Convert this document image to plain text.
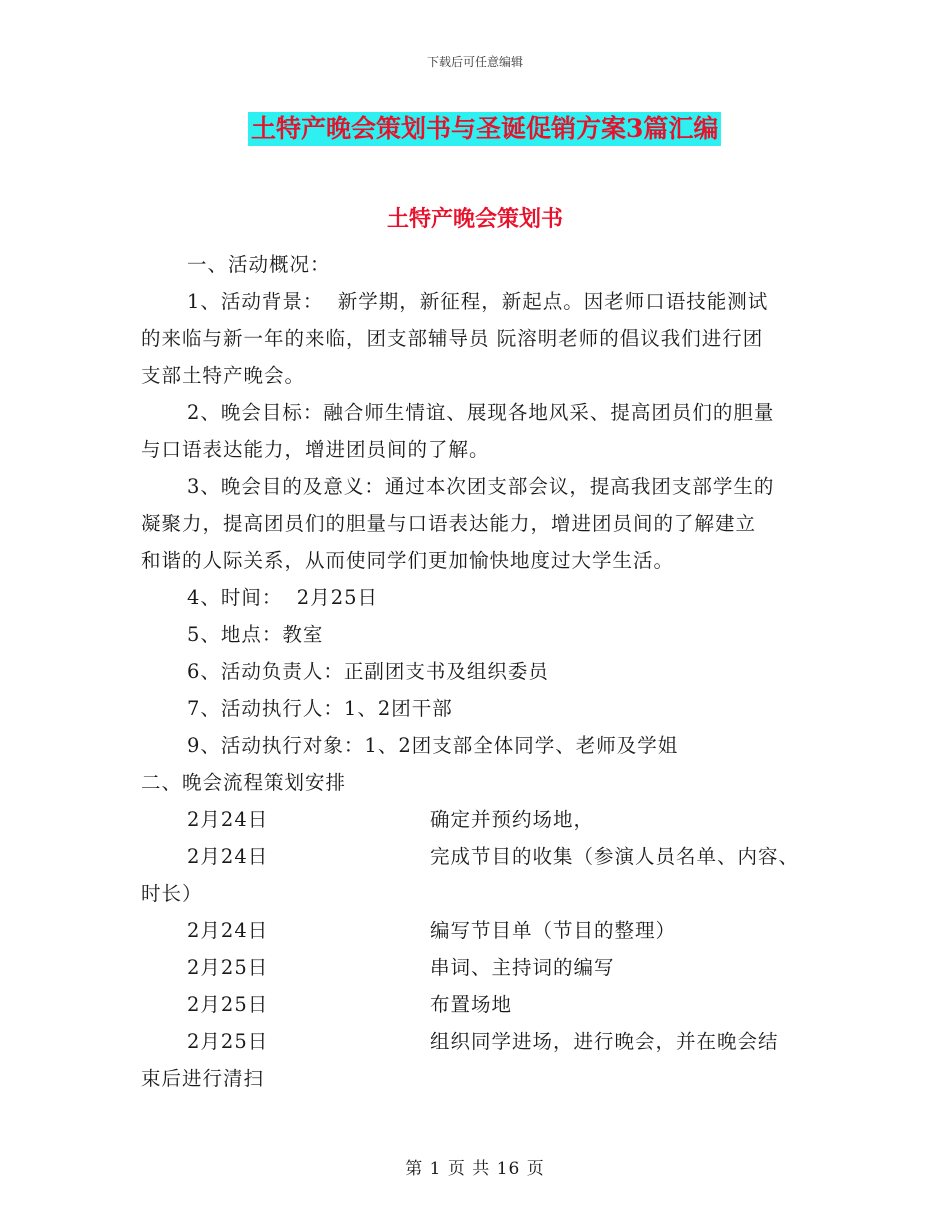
下载后可任意编辑
土特产晚会策划书与圣诞促销方案3篇汇编
土特产晚会策划书

一、活动概况：

1、活动背景：  新学期，新征程，新起点。因老师口语技能测试

的来临与新一年的来临，团支部辅导员 阮溶明老师的倡议我们进行团

支部土特产晚会。

2、晚会目标：融合师生情谊、展现各地风采、提高团员们的胆量

与口语表达能力，增进团员间的了解。

3、晚会目的及意义：通过本次团支部会议，提高我团支部学生的

凝聚力，提高团员们的胆量与口语表达能力，增进团员间的了解建立

和谐的人际关系，从而使同学们更加愉快地度过大学生活。

4、时间：  2月25日

5、地点：教室

6、活动负责人：正副团支书及组织委员

7、活动执行人：1、2团干部

9、活动执行对象：1、2团支部全体同学、老师及学姐

二、晚会流程策划安排

2月24日	确定并预约场地，
2月24日	完成节目的收集（参演人员名单、内容、

时长）

2月24日	编写节目单（节目的整理）
2月25日	串词、主持词的编写
2月25日	布置场地
2月25日	组织同学进场，进行晚会，并在晚会结

束后进行清扫

第 1 页 共 16 页
